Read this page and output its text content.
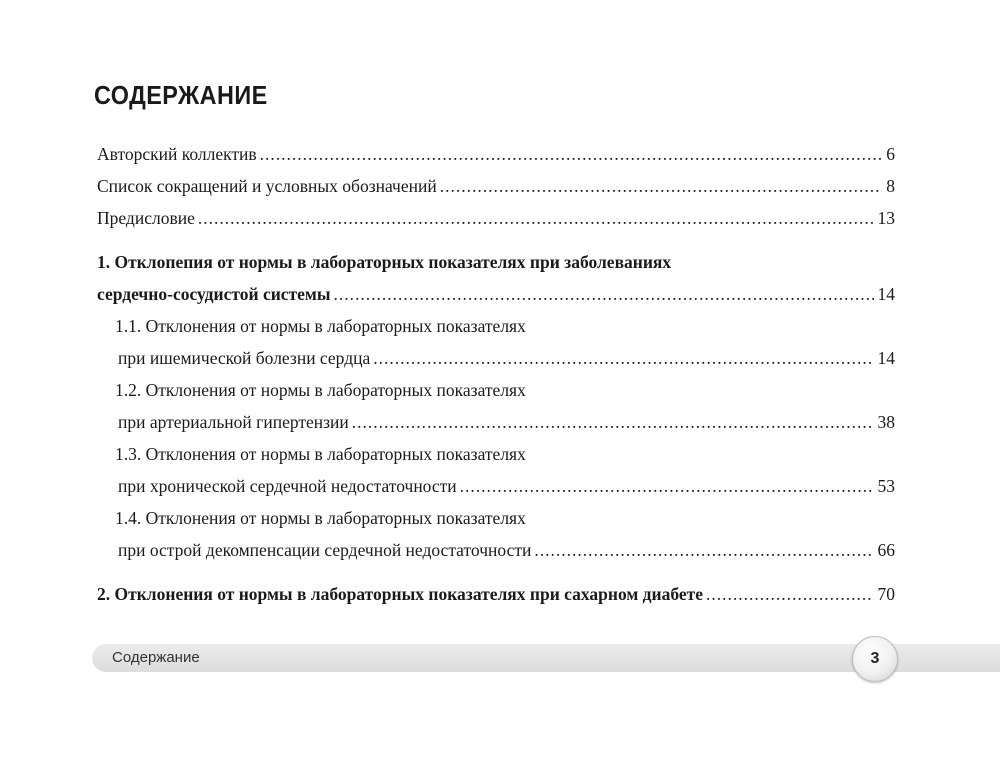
СОДЕРЖАНИЕ
Авторский коллектив .....	6
Список сокращений и условных обозначений .....	8
Предисловие .....	13
1. Отклопепия от нормы в лабораторных показателях при заболеваниях
сердечно-сосудистой системы .....	14
1.1. Отклонения от нормы в лабораторных показателях
при ишемической болезни сердца .....	14
1.2. Отклонения от нормы в лабораторных показателях
при артериальной гипертензии .....	38
1.3. Отклонения от нормы в лабораторных показателях
при хронической сердечной недостаточности .....	53
1.4. Отклонения от нормы в лабораторных показателях
при острой декомпенсации сердечной недостаточности .....	66
2. Отклонения от нормы в лабораторных показателях при сахарном диабете .....	70
Содержание	3
